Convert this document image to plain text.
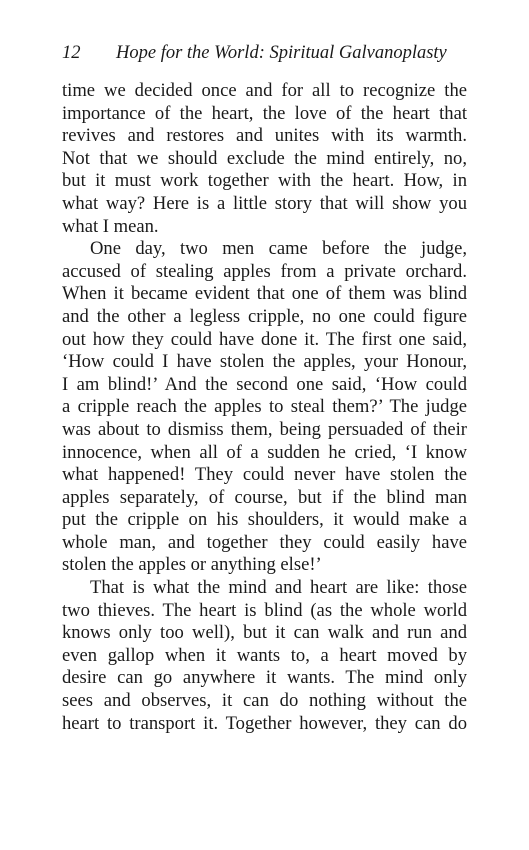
12	Hope for the World: Spiritual Galvanoplasty
time we decided once and for all to recognize the
importance of the heart, the love of the heart that
revives and restores and unites with its warmth.
Not that we should exclude the mind entirely, no,
but it must work together with the heart. How, in
what way? Here is a little story that will show you
what I mean.
One day, two men came before the judge,
accused of stealing apples from a private orchard.
When it became evident that one of them was blind
and the other a legless cripple, no one could figure
out how they could have done it. The first one said,
‘How could I have stolen the apples, your Honour,
I am blind!’ And the second one said, ‘How could
a cripple reach the apples to steal them?’ The judge
was about to dismiss them, being persuaded of their
innocence, when all of a sudden he cried, ‘I know
what happened! They could never have stolen the
apples separately, of course, but if the blind man
put the cripple on his shoulders, it would make a
whole man, and together they could easily have
stolen the apples or anything else!’
That is what the mind and heart are like: those
two thieves. The heart is blind (as the whole world
knows only too well), but it can walk and run and
even gallop when it wants to, a heart moved by
desire can go anywhere it wants. The mind only
sees and observes, it can do nothing without the
heart to transport it. Together however, they can do
